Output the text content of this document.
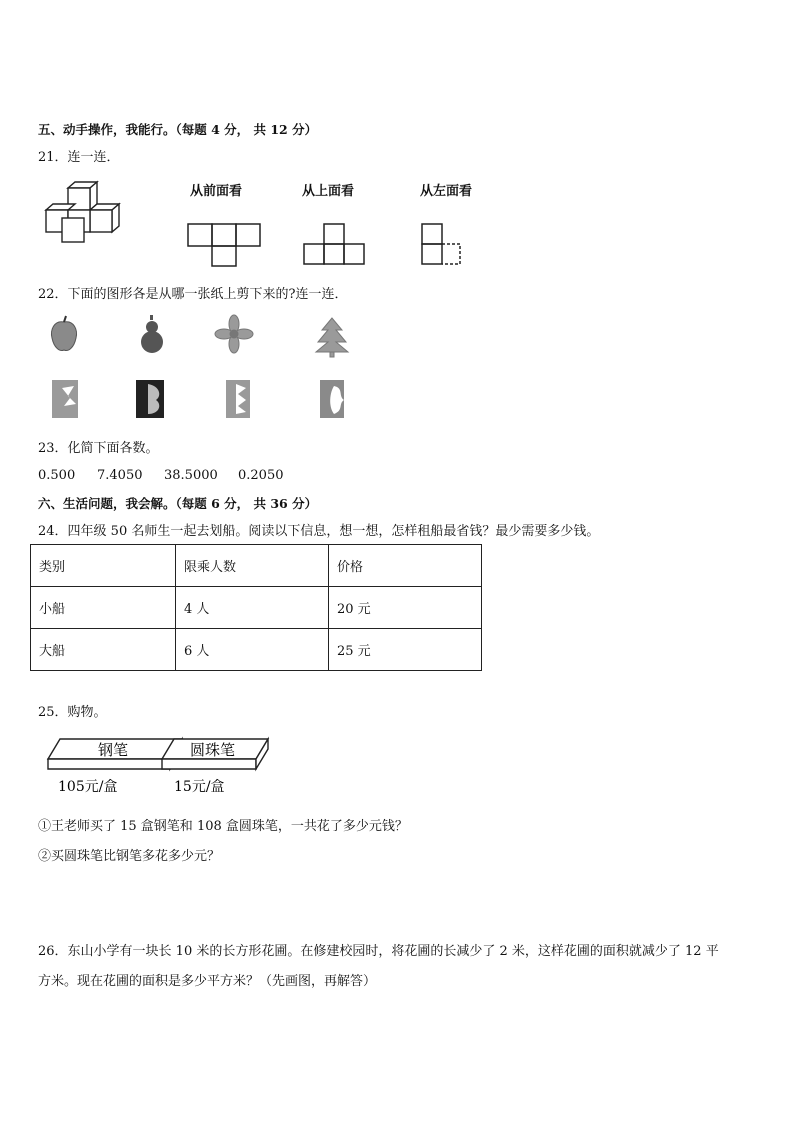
五、动手操作，我能行。（每题 4 分， 共 12 分）
21．连一连．
从前面看	从上面看	从左面看
22．下面的图形各是从哪一张纸上剪下来的?连一连．
23．化简下面各数。
0.500 7.4050 38.5000 0.2050
六、生活问题，我会解。（每题 6 分， 共 36 分）
24．四年级 50 名师生一起去划船。阅读以下信息，想一想，怎样租船最省钱？最少需要多少钱。
类别	限乘人数	价格
小船	4 人	20 元
大船	6 人	25 元
25．购物。
钢笔	圆珠笔
105元/盒	15元/盒
①王老师买了 15 盒钢笔和 108 盒圆珠笔，一共花了多少元钱？
②买圆珠笔比钢笔多花多少元？
26．东山小学有一块长 10 米的长方形花圃。在修建校园时，将花圃的长减少了 2 米，这样花圃的面积就减少了 12 平
方米。现在花圃的面积是多少平方米？（先画图，再解答）
